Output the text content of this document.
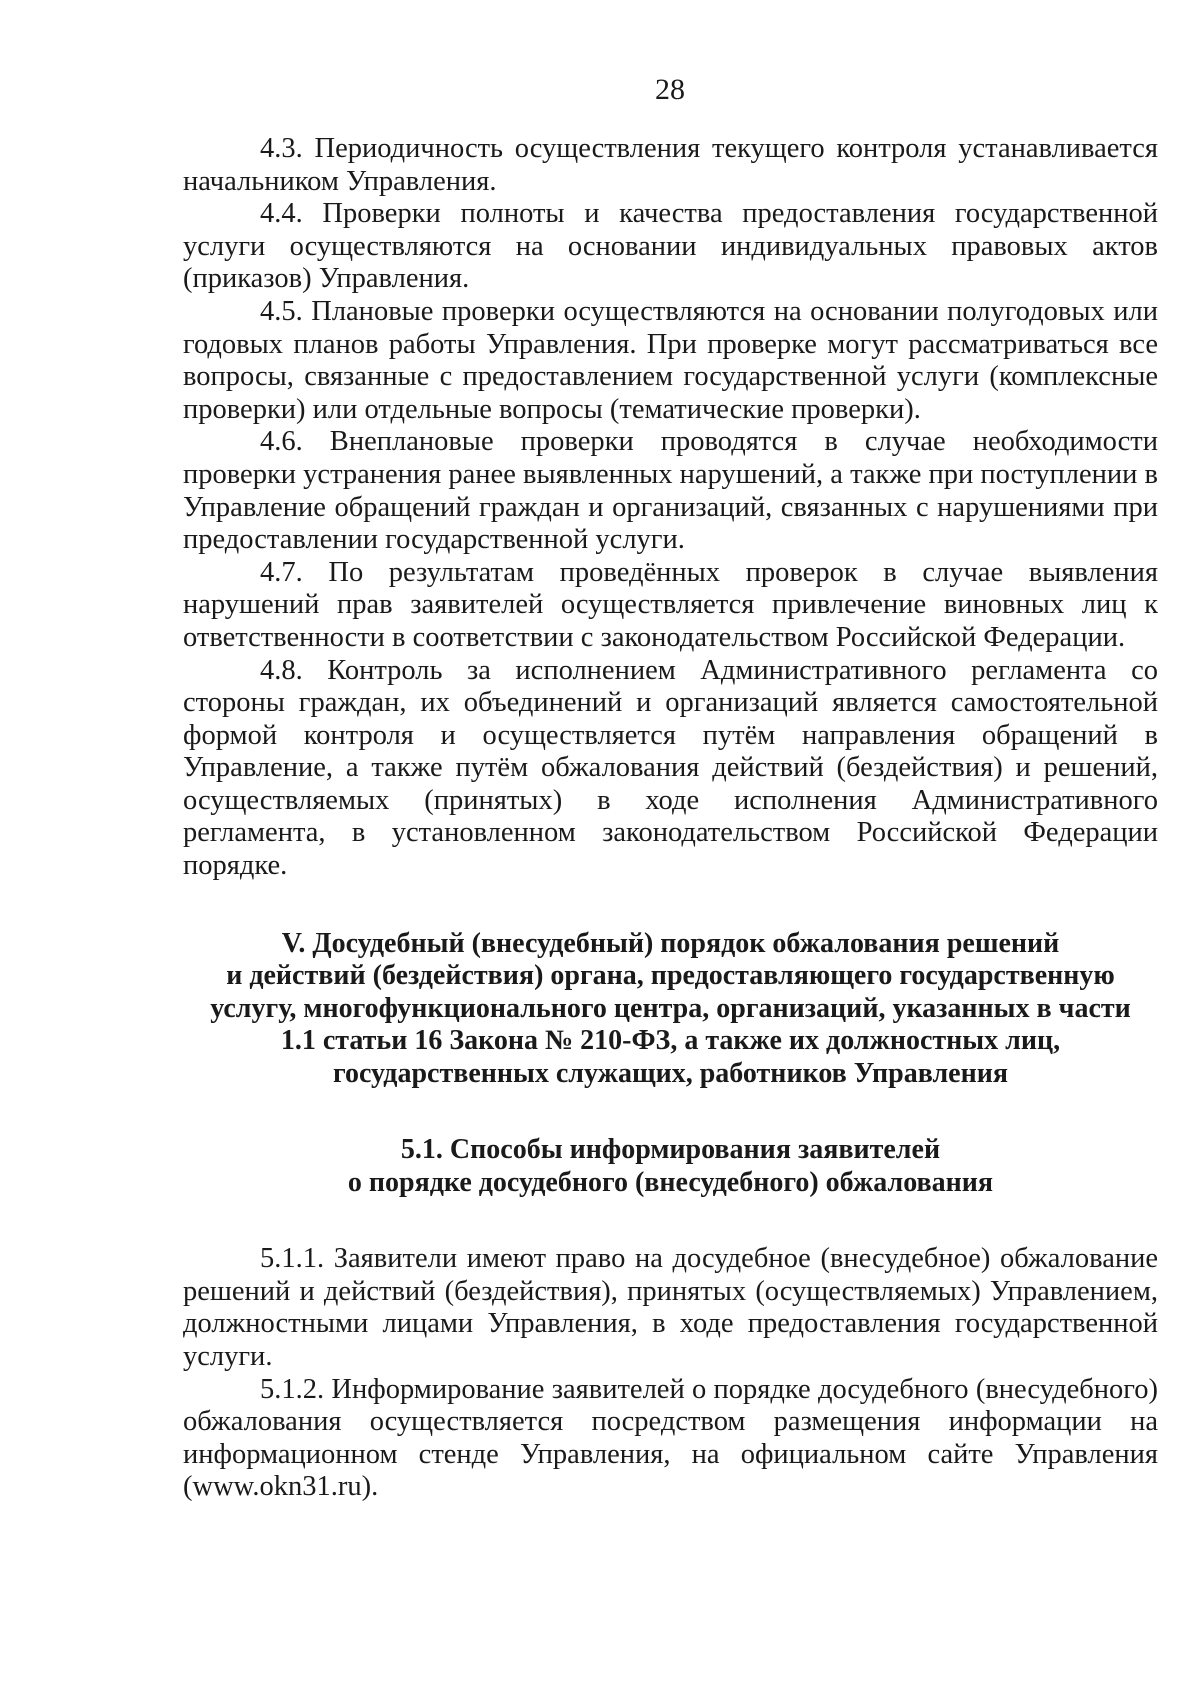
28

4.3. Периодичность осуществления текущего контроля устанавливается начальником Управления.

4.4. Проверки полноты и качества предоставления государственной услуги осуществляются на основании индивидуальных правовых актов (приказов) Управления.

4.5. Плановые проверки осуществляются на основании полугодовых или годовых планов работы Управления. При проверке могут рассматриваться все вопросы, связанные с предоставлением государственной услуги (комплексные проверки) или отдельные вопросы (тематические проверки).

4.6. Внеплановые проверки проводятся в случае необходимости проверки устранения ранее выявленных нарушений, а также при поступлении в Управление обращений граждан и организаций, связанных с нарушениями при предоставлении государственной услуги.

4.7. По результатам проведённых проверок в случае выявления нарушений прав заявителей осуществляется привлечение виновных лиц к ответственности в соответствии с законодательством Российской Федерации.

4.8. Контроль за исполнением Административного регламента со стороны граждан, их объединений и организаций является самостоятельной формой контроля и осуществляется путём направления обращений в Управление, а также путём обжалования действий (бездействия) и решений, осуществляемых (принятых) в ходе исполнения Административного регламента, в установленном законодательством Российской Федерации порядке.

V. Досудебный (внесудебный) порядок обжалования решений
и действий (бездействия) органа, предоставляющего государственную
услугу, многофункционального центра, организаций, указанных в части
1.1 статьи 16 Закона № 210-ФЗ, а также их должностных лиц,
государственных служащих, работников Управления
5.1. Способы информирования заявителей
о порядке досудебного (внесудебного) обжалования

5.1.1. Заявители имеют право на досудебное (внесудебное) обжалование решений и действий (бездействия), принятых (осуществляемых) Управлением, должностными лицами Управления, в ходе предоставления государственной услуги.

5.1.2. Информирование заявителей о порядке досудебного (внесудебного) обжалования осуществляется посредством размещения информации на информационном стенде Управления, на официальном сайте Управления (www.okn31.ru).
